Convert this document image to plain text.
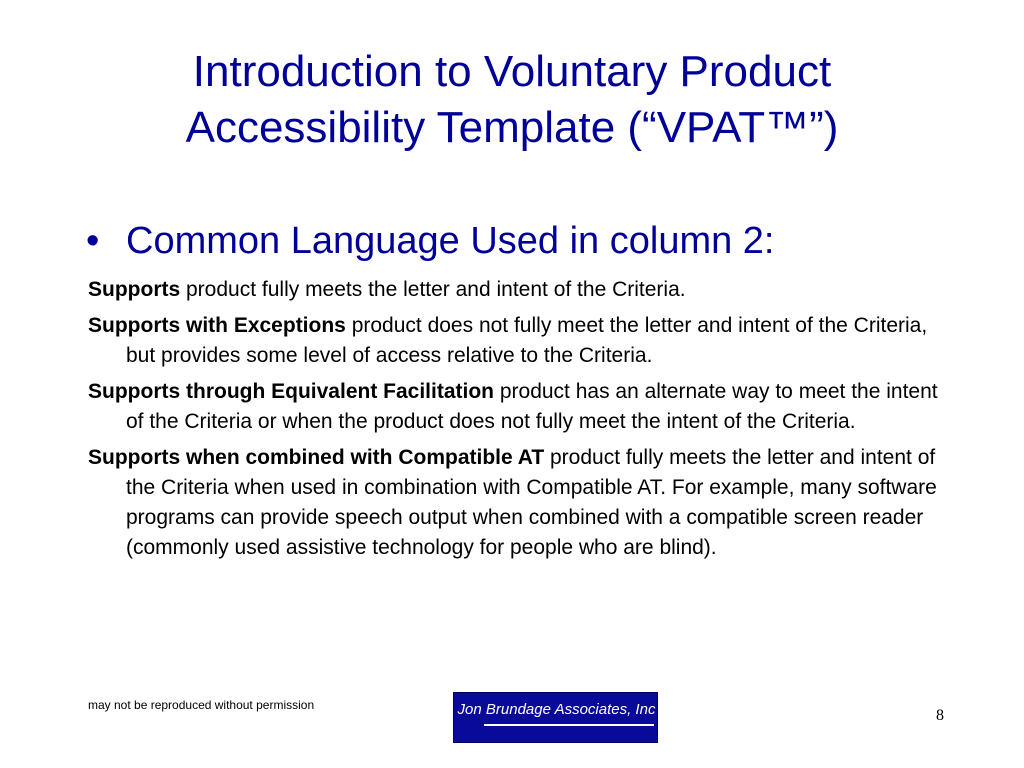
Introduction to Voluntary Product
Accessibility Template (“VPAT™”)
• Common Language Used in column 2:

Supports product fully meets the letter and intent of the Criteria.

Supports with Exceptions product does not fully meet the letter and intent of the Criteria, but provides some level of access relative to the Criteria.

Supports through Equivalent Facilitation product has an alternate way to meet the intent of the Criteria or when the product does not fully meet the intent of the Criteria.

Supports when combined with Compatible AT product fully meets the letter and intent of the Criteria when used in combination with Compatible AT. For example, many software programs can provide speech output when combined with a compatible screen reader (commonly used assistive technology for people who are blind).

may not be reproduced without permission	Jon Brundage Associates, Inc	8
